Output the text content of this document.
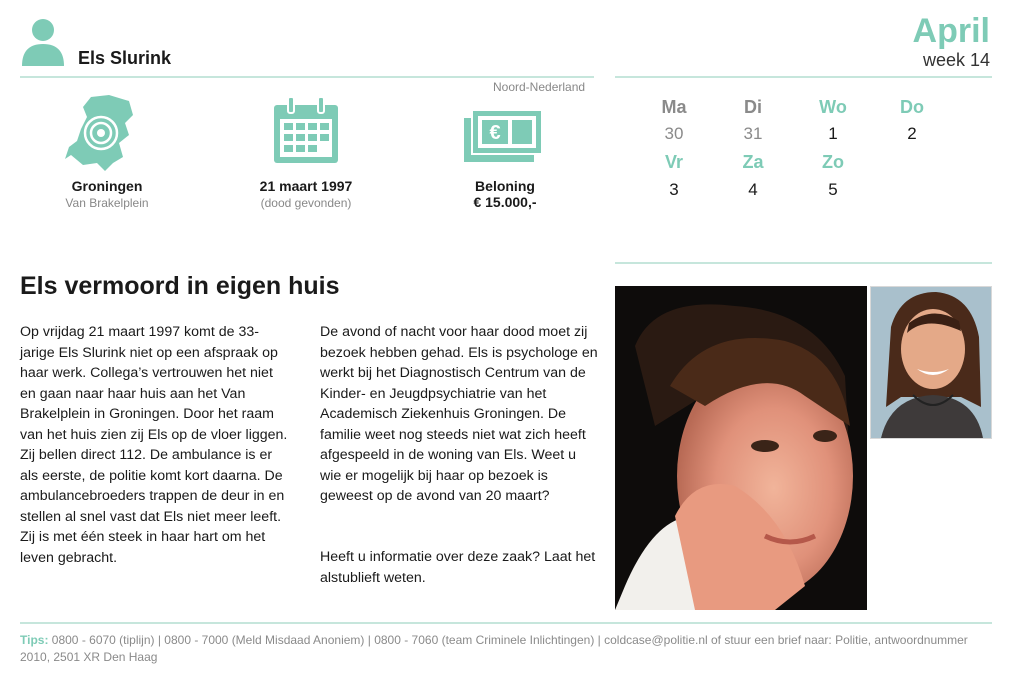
Els Slurink
April
week 14
Noord-Nederland
Groningen
Van Brakelplein
21 maart 1997
(dood gevonden)
€
Beloning
€ 15.000,-
Ma	Di	Wo	Do
30	31	1	2
Vr	Za	Zo
3	4	5
Els vermoord in eigen huis
Op vrijdag 21 maart 1997 komt de 33-jarige Els Slurink niet op een afspraak op haar werk. Collega’s vertrouwen het niet en gaan naar haar huis aan het Van Brakelplein in Groningen. Door het raam van het huis zien zij Els op de vloer liggen. Zij bellen direct 112. De ambulance is er als eerste, de politie komt kort daarna. De ambulancebroeders trappen de deur in en stellen al snel vast dat Els niet meer leeft. Zij is met één steek in haar hart om het leven gebracht.
De avond of nacht voor haar dood moet zij bezoek hebben gehad. Els is psychologe en werkt bij het Diagnostisch Centrum van de Kinder- en Jeugdpsychiatrie van het Academisch Ziekenhuis Groningen. De familie weet nog steeds niet wat zich heeft afgespeeld in de woning van Els. Weet u wie er mogelijk bij haar op bezoek is geweest op de avond van 20 maart?
Heeft u informatie over deze zaak? Laat het alstublieft weten.
Tips: 0800 - 6070 (tiplijn) | 0800 - 7000 (Meld Misdaad Anoniem) | 0800 - 7060 (team Criminele Inlichtingen) | coldcase@politie.nl of stuur een brief naar: Politie, antwoordnummer 2010, 2501 XR Den Haag
